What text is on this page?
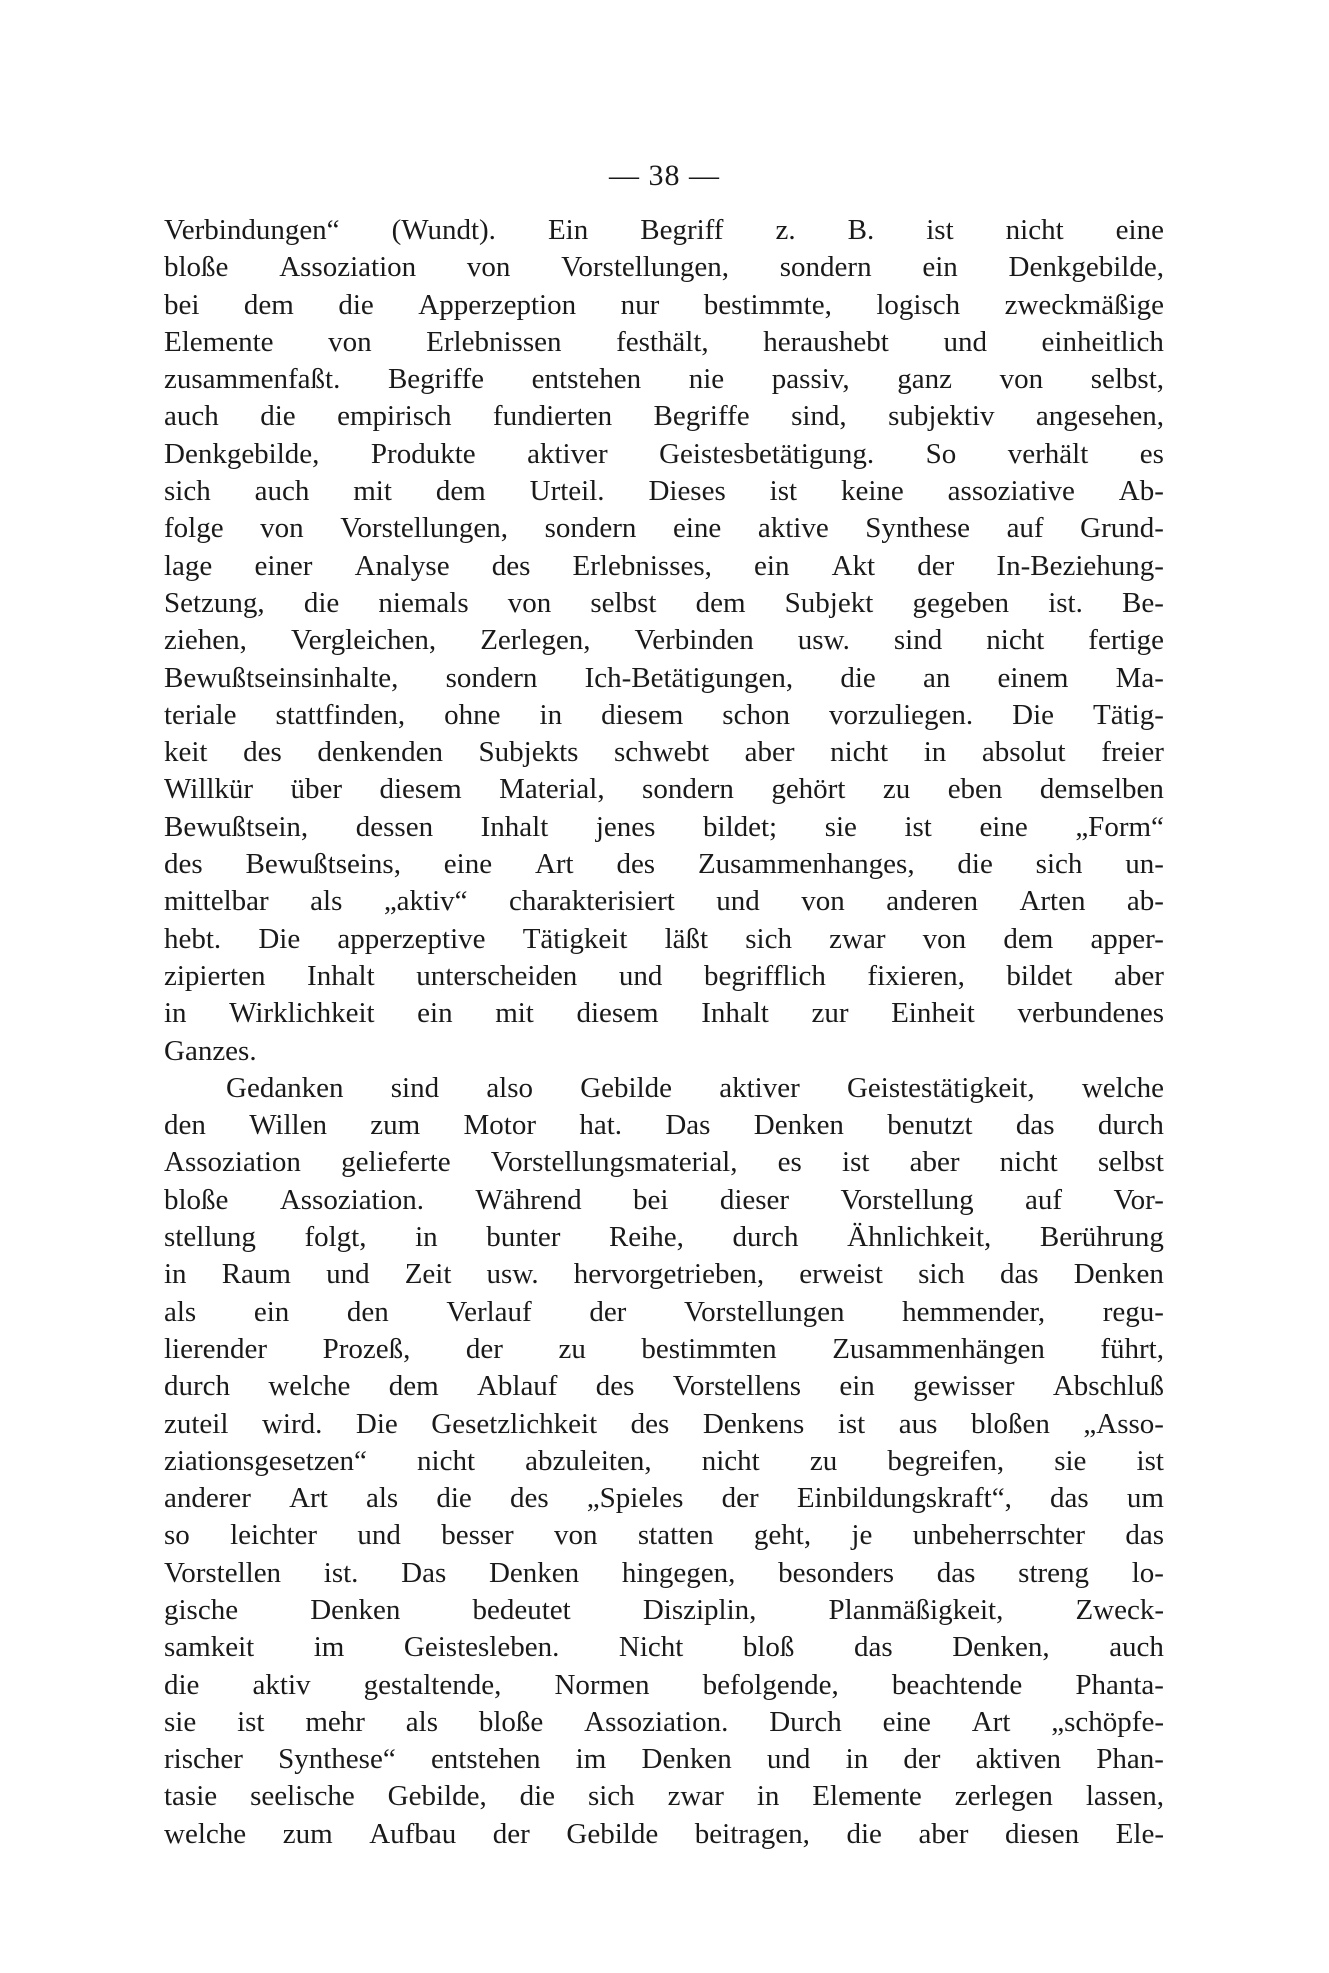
— 38 —
Verbindungen“ (Wundt). Ein Begriff z. B. ist nicht eine
bloße Assoziation von Vorstellungen, sondern ein Denkgebilde,
bei dem die Apperzeption nur bestimmte, logisch zweckmäßige
Elemente von Erlebnissen festhält, heraushebt und einheitlich
zusammenfaßt. Begriffe entstehen nie passiv, ganz von selbst,
auch die empirisch fundierten Begriffe sind, subjektiv angesehen,
Denkgebilde, Produkte aktiver Geistesbetätigung. So verhält es
sich auch mit dem Urteil. Dieses ist keine assoziative Ab-
folge von Vorstellungen, sondern eine aktive Synthese auf Grund-
lage einer Analyse des Erlebnisses, ein Akt der In-Beziehung-
Setzung, die niemals von selbst dem Subjekt gegeben ist. Be-
ziehen, Vergleichen, Zerlegen, Verbinden usw. sind nicht fertige
Bewußtseinsinhalte, sondern Ich-Betätigungen, die an einem Ma-
teriale stattfinden, ohne in diesem schon vorzuliegen. Die Tätig-
keit des denkenden Subjekts schwebt aber nicht in absolut freier
Willkür über diesem Material, sondern gehört zu eben demselben
Bewußtsein, dessen Inhalt jenes bildet; sie ist eine „Form“
des Bewußtseins, eine Art des Zusammenhanges, die sich un-
mittelbar als „aktiv“ charakterisiert und von anderen Arten ab-
hebt. Die apperzeptive Tätigkeit läßt sich zwar von dem apper-
zipierten Inhalt unterscheiden und begrifflich fixieren, bildet aber
in Wirklichkeit ein mit diesem Inhalt zur Einheit verbundenes
Ganzes.
Gedanken sind also Gebilde aktiver Geistestätigkeit, welche
den Willen zum Motor hat. Das Denken benutzt das durch
Assoziation gelieferte Vorstellungsmaterial, es ist aber nicht selbst
bloße Assoziation. Während bei dieser Vorstellung auf Vor-
stellung folgt, in bunter Reihe, durch Ähnlichkeit, Berührung
in Raum und Zeit usw. hervorgetrieben, erweist sich das Denken
als ein den Verlauf der Vorstellungen hemmender, regu-
lierender Prozeß, der zu bestimmten Zusammenhängen führt,
durch welche dem Ablauf des Vorstellens ein gewisser Abschluß
zuteil wird. Die Gesetzlichkeit des Denkens ist aus bloßen „Asso-
ziationsgesetzen“ nicht abzuleiten, nicht zu begreifen, sie ist
anderer Art als die des „Spieles der Einbildungskraft“, das um
so leichter und besser von statten geht, je unbeherrschter das
Vorstellen ist. Das Denken hingegen, besonders das streng lo-
gische Denken bedeutet Disziplin, Planmäßigkeit, Zweck-
samkeit im Geistesleben. Nicht bloß das Denken, auch
die aktiv gestaltende, Normen befolgende, beachtende Phanta-
sie ist mehr als bloße Assoziation. Durch eine Art „schöpfe-
rischer Synthese“ entstehen im Denken und in der aktiven Phan-
tasie seelische Gebilde, die sich zwar in Elemente zerlegen lassen,
welche zum Aufbau der Gebilde beitragen, die aber diesen Ele-
